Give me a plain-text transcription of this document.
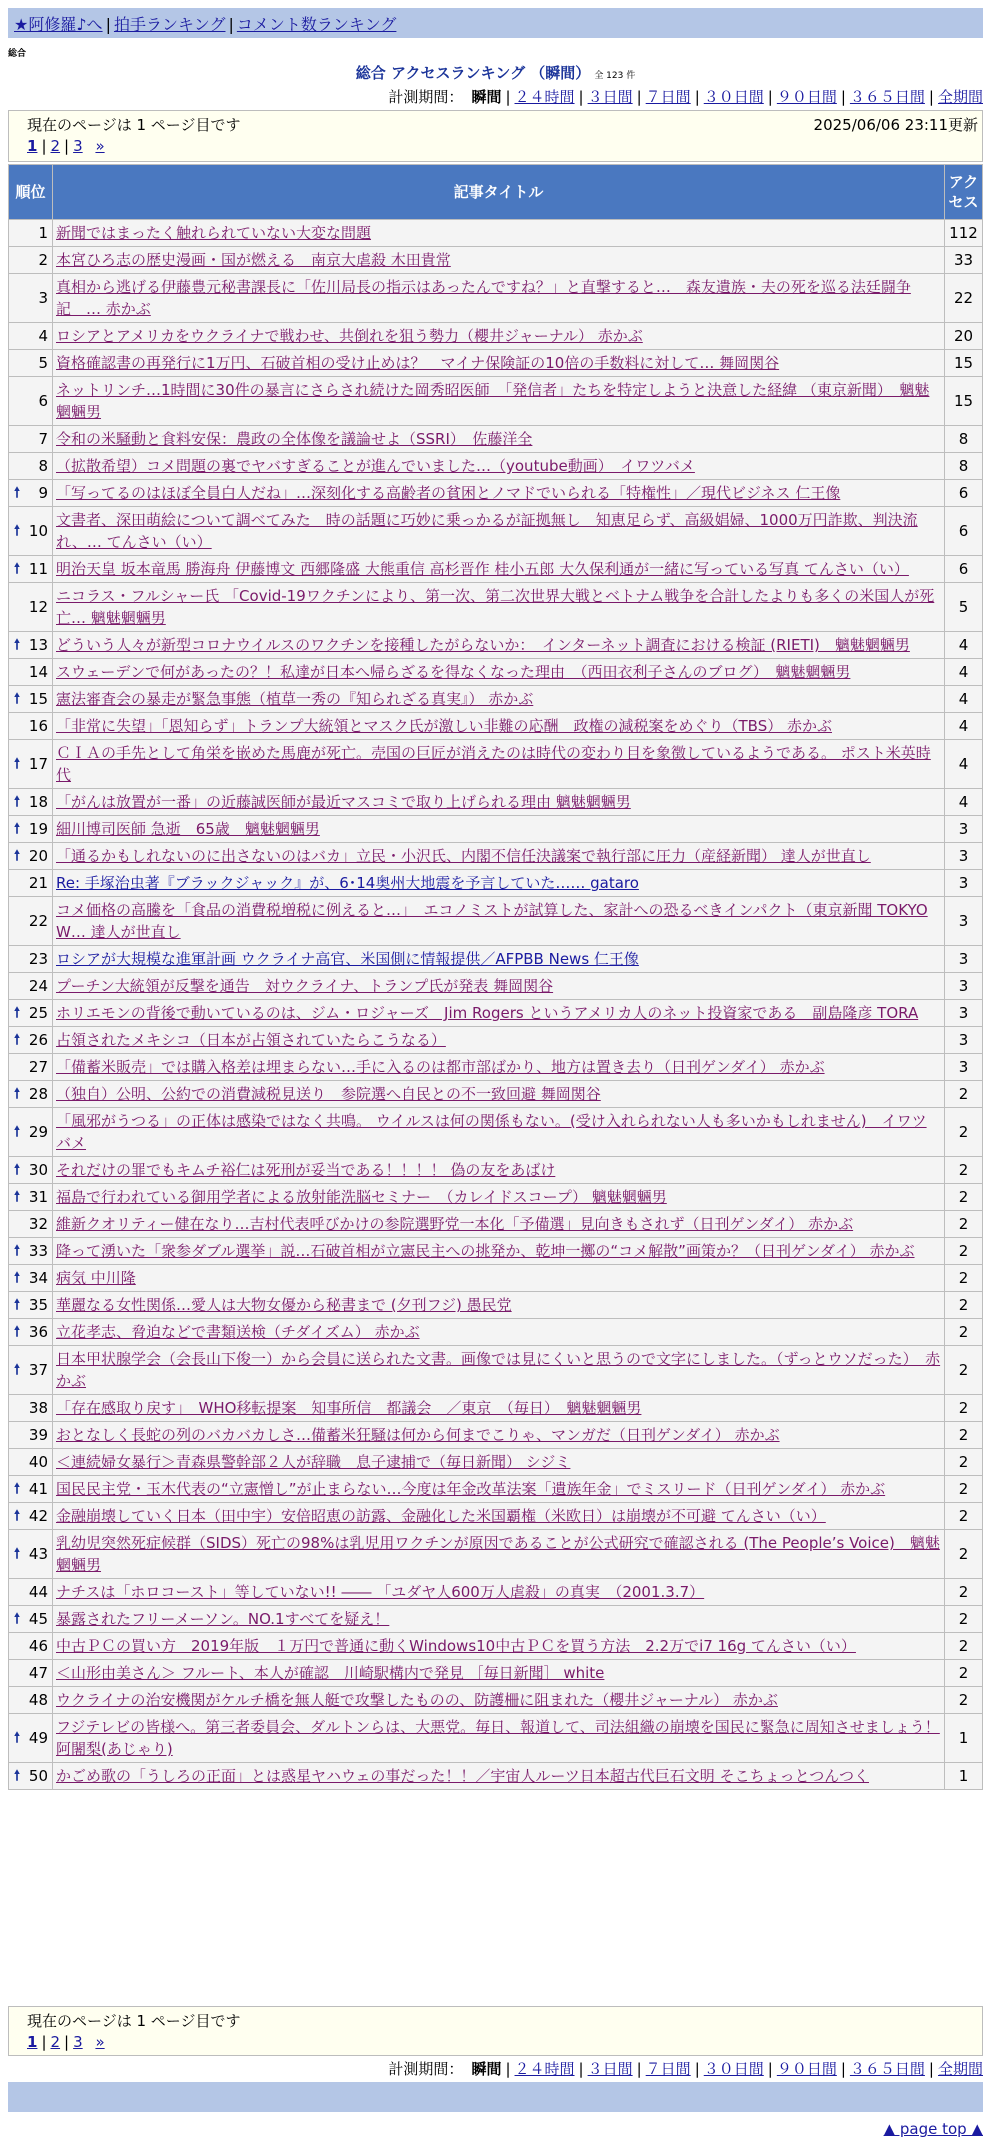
★阿修羅♪へ | 拍手ランキング | コメント数ランキング
総合
総合 アクセスランキング （瞬間） 全 123 件
計測期間： 瞬間 | ２４時間 | ３日間 | ７日間 | ３０日間 | ９０日間 | ３６５日間 | 全期間
現在のページは 1 ページ目です	2025/06/06 23:11更新
1 | 2 | 3 »
順位	記事タイトル	アクセス
1	新聞ではまったく触れられていない大変な問題	112
2	本宮ひろ志の歴史漫画・国が燃える　南京大虐殺 木田貴常	33
3	真相から逃げる伊藤豊元秘書課長に「佐川局長の指示はあったんですね？」と直撃すると…　森友遺族・夫の死を巡る法廷闘争記　… 赤かぶ	22
4	ロシアとアメリカをウクライナで戦わせ、共倒れを狙う勢力（櫻井ジャーナル） 赤かぶ	20
5	資格確認書の再発行に1万円、石破首相の受け止めは？　マイナ保険証の10倍の手数料に対して… 舞岡関谷	15
6	ネットリンチ…1時間に30件の暴言にさらされ続けた岡秀昭医師　「発信者」たちを特定しようと決意した経緯 （東京新聞）　魑魅魍魎男	15
7	令和の米騒動と食料安保：農政の全体像を議論せよ（SSRI）　佐藤洋全	8
8	（拡散希望）コメ問題の裏でヤバすぎることが進んでいました…（youtube動画）　イワツバメ	8

🠕 9	「写ってるのはほぼ全員白人だね」…深刻化する高齢者の貧困とノマドでいられる「特権性」／現代ビジネス 仁王像	6

🠕 10	文書者、深田萌絵について調べてみた　時の話題に巧妙に乗っかるが証拠無し　知恵足らず、高級娼婦、1000万円詐欺、判決流れ、… てんさい（い）	6

🠕 11	明治天皇 坂本竜馬 勝海舟 伊藤博文 西郷隆盛 大熊重信 高杉晋作 桂小五郎 大久保利通が一緒に写っている写真 てんさい（い）	6
12	ニコラス・フルシャー氏 「Covid-19ワクチンにより、第一次、第二次世界大戦とベトナム戦争を合計したよりも多くの米国人が死亡… 魑魅魍魎男	5

🠕 13	どういう人々が新型コロナウイルスのワクチンを接種したがらないか：　インターネット調査における検証 (RIETI)　魑魅魍魎男	4
14	スウェーデンで何があったの？！私達が日本へ帰らざるを得なくなった理由　（西田衣利子さんのブログ）　魑魅魍魎男	4

🠕 15	憲法審査会の暴走が緊急事態（植草一秀の『知られざる真実』） 赤かぶ	4
16	「非常に失望」「恩知らず」トランプ大統領とマスク氏が激しい非難の応酬　政権の減税案をめぐり（TBS） 赤かぶ	4

🠕 17	ＣＩＡの手先として角栄を嵌めた馬鹿が死亡。売国の巨匠が消えたのは時代の変わり目を象徴しているようである。 ポスト米英時代	4

🠕 18	「がんは放置が一番」の近藤誠医師が最近マスコミで取り上げられる理由 魑魅魍魎男	4

🠕 19	細川博司医師 急逝　65歳　魑魅魍魎男	3

🠕 20	「通るかもしれないのに出さないのはバカ」立民・小沢氏、内閣不信任決議案で執行部に圧力（産経新聞） 達人が世直し	3
21	Re: 手塚治虫著『ブラックジャック』が、6･14奥州大地震を予言していた…… gataro	3
22	コメ価格の高騰を「食品の消費税増税に例えると…」　エコノミストが試算した、家計への恐るべきインパクト（東京新聞 TOKYO W… 達人が世直し	3
23	ロシアが大規模な進軍計画 ウクライナ高官、米国側に情報提供／AFPBB News 仁王像	3
24	プーチン大統領が反撃を通告　対ウクライナ、トランプ氏が発表 舞岡関谷	3

🠕 25	ホリエモンの背後で動いているのは、ジム・ロジャーズ　Jim Rogers というアメリカ人のネット投資家である　副島隆彦 TORA	3

🠕 26	占領されたメキシコ（日本が占領されていたらこうなる）	3
27	「備蓄米販売」では購入格差は埋まらない…手に入るのは都市部ばかり、地方は置き去り（日刊ゲンダイ） 赤かぶ	3

🠕 28	（独自）公明、公約での消費減税見送り　参院選へ自民との不一致回避 舞岡関谷	2

🠕 29	「風邪がうつる」の正体は感染ではなく共鳴。 ウイルスは何の関係もない。(受け入れられない人も多いかもしれません)　イワツバメ	2

🠕 30	それだけの罪でもキムチ裕仁は死刑が妥当である！！！！ 偽の友をあばけ	2

🠕 31	福島で行われている御用学者による放射能洗脳セミナー　（カレイドスコープ） 魑魅魍魎男	2
32	維新クオリティー健在なり…吉村代表呼びかけの参院選野党一本化「予備選」見向きもされず（日刊ゲンダイ） 赤かぶ	2

🠕 33	降って湧いた「衆参ダブル選挙」説…石破首相が立憲民主への挑発か、乾坤一擲の“コメ解散”画策か？（日刊ゲンダイ） 赤かぶ	2

🠕 34	病気 中川隆	2

🠕 35	華麗なる女性関係…愛人は大物女優から秘書まで (夕刊フジ) 愚民党	2

🠕 36	立花孝志、脅迫などで書類送検（チダイズム） 赤かぶ	2

🠕 37	日本甲状腺学会（会長山下俊一）から会員に送られた文書。画像では見にくいと思うので文字にしました。（ずっとウソだった）　赤かぶ	2
38	「存在感取り戻す」　WHO移転提案　知事所信　都議会　／東京　（毎日）　魑魅魍魎男	2
39	おとなしく長蛇の列のバカバカしさ…備蓄米狂騒は何から何までこりゃ、マンガだ（日刊ゲンダイ） 赤かぶ	2
40	＜連続婦女暴行＞青森県警幹部２人が辞職　息子逮捕で（毎日新聞） シジミ	2

🠕 41	国民民主党・玉木代表の“立憲憎し”が止まらない…今度は年金改革法案「遺族年金」でミスリード（日刊ゲンダイ） 赤かぶ	2

🠕 42	金融崩壊していく日本（田中宇）安倍昭恵の訪露、金融化した米国覇権（米欧日）は崩壊が不可避 てんさい（い）	2

🠕 43	乳幼児突然死症候群（SIDS）死亡の98%は乳児用ワクチンが原因であることが公式研究で確認される (The People’s Voice)　魑魅魍魎男	2
44	ナチスは「ホロコースト」等していない!! ―― 「ユダヤ人600万人虐殺」の真実　（2001.3.7）	2

🠕 45	暴露されたフリーメーソン。NO.1すべてを疑え！	2
46	中古ＰＣの買い方　2019年版　１万円で普通に動くWindows10中古ＰＣを買う方法　2.2万でi7 16g てんさい（い）	2
47	＜山形由美さん＞ フルート、本人が確認　川崎駅構内で発見 ［毎日新聞］ white	2
48	ウクライナの治安機関がケルチ橋を無人艇で攻撃したものの、防護柵に阻まれた（櫻井ジャーナル） 赤かぶ	2

🠕 49	フジテレビの皆様へ。第三者委員会、ダルトンらは、大悪党。毎日、報道して、司法組織の崩壊を国民に緊急に周知させましょう！ 阿闍梨(あじゃり)	1

🠕 50	かごめ歌の「うしろの正面」とは惑星ヤハウェの事だった！！／宇宙人ルーツ日本超古代巨石文明 そこちょっとつんつく	1
現在のページは 1 ページ目です
1 | 2 | 3 »
計測期間： 瞬間 | ２４時間 | ３日間 | ７日間 | ３０日間 | ９０日間 | ３６５日間 | 全期間
▲ page top ▲
